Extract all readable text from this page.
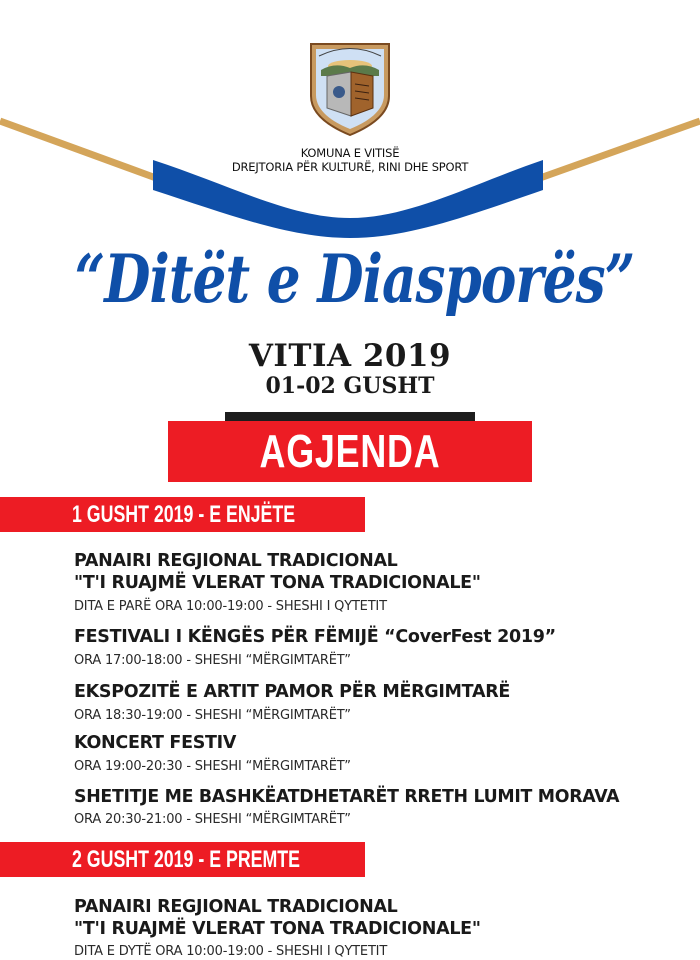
KOMUNA E VITISË
DREJTORIA PËR KULTURË, RINI DHE SPORT
“Ditët e Diasporës”
VITIA 2019
01-02 GUSHT
AGJENDA
1 GUSHT 2019 - E ENJËTE
PANAIRI REGJIONAL TRADICIONAL
"T'I RUAJMË VLERAT TONA TRADICIONALE"
DITA E PARË ORA 10:00-19:00 - SHESHI I QYTETIT
FESTIVALI I KËNGËS PËR FËMIJË “CoverFest 2019”
ORA 17:00-18:00 - SHESHI “MËRGIMTARËT”
EKSPOZITË E ARTIT PAMOR PËR MËRGIMTARË
ORA 18:30-19:00 - SHESHI “MËRGIMTARËT”
KONCERT FESTIV
ORA 19:00-20:30 - SHESHI “MËRGIMTARËT”
SHETITJE ME BASHKËATDHETARËT RRETH LUMIT MORAVA
ORA 20:30-21:00 - SHESHI “MËRGIMTARËT”
2 GUSHT 2019 - E PREMTE
PANAIRI REGJIONAL TRADICIONAL
"T'I RUAJMË VLERAT TONA TRADICIONALE"
DITA E DYTË ORA 10:00-19:00 - SHESHI I QYTETIT
